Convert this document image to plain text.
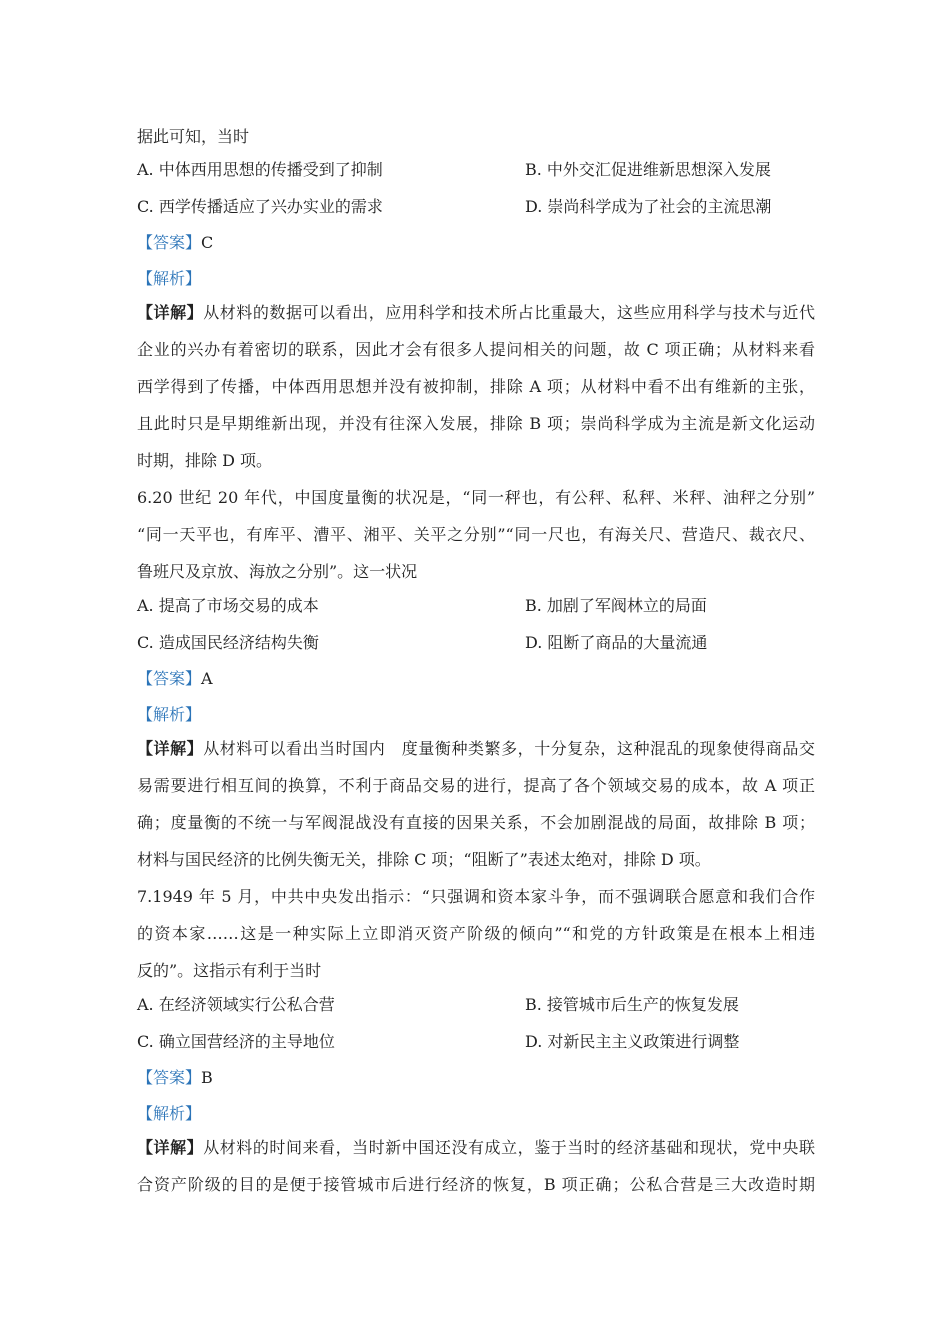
据此可知，当时
A. 中体西用思想的传播受到了抑制	B. 中外交汇促进维新思想深入发展
C. 西学传播适应了兴办实业的需求	D. 崇尚科学成为了社会的主流思潮
【答案】C
【解析】
【详解】从材料的数据可以看出，应用科学和技术所占比重最大，这些应用科学与技术与近代
企业的兴办有着密切的联系，因此才会有很多人提问相关的问题，故 C 项正确；从材料来看
西学得到了传播，中体西用思想并没有被抑制，排除 A 项；从材料中看不出有维新的主张，
且此时只是早期维新出现，并没有往深入发展，排除 B 项；崇尚科学成为主流是新文化运动
时期，排除 D 项。
6.20 世纪 20 年代，中国度量衡的状况是，“同一秤也，有公秤、私秤、米秤、油秤之分别”
“同一天平也，有库平、漕平、湘平、关平之分别”“同一尺也，有海关尺、营造尺、裁衣尺、
鲁班尺及京放、海放之分别”。这一状况
A. 提高了市场交易的成本	B. 加剧了军阀林立的局面
C. 造成国民经济结构失衡	D. 阻断了商品的大量流通
【答案】A
【解析】
【详解】从材料可以看出当时国内　度量衡种类繁多，十分复杂，这种混乱的现象使得商品交
易需要进行相互间的换算，不利于商品交易的进行，提高了各个领域交易的成本，故 A 项正
确；度量衡的不统一与军阀混战没有直接的因果关系，不会加剧混战的局面，故排除 B 项；
材料与国民经济的比例失衡无关，排除 C 项；“阻断了”表述太绝对，排除 D 项。
7.1949 年 5 月，中共中央发出指示：“只强调和资本家斗争，而不强调联合愿意和我们合作
的资本家……这是一种实际上立即消灭资产阶级的倾向”“和党的方针政策是在根本上相违
反的”。这指示有利于当时
A. 在经济领域实行公私合营	B. 接管城市后生产的恢复发展
C. 确立国营经济的主导地位	D. 对新民主主义政策进行调整
【答案】B
【解析】
【详解】从材料的时间来看，当时新中国还没有成立，鉴于当时的经济基础和现状，党中央联
合资产阶级的目的是便于接管城市后进行经济的恢复，B 项正确；公私合营是三大改造时期
